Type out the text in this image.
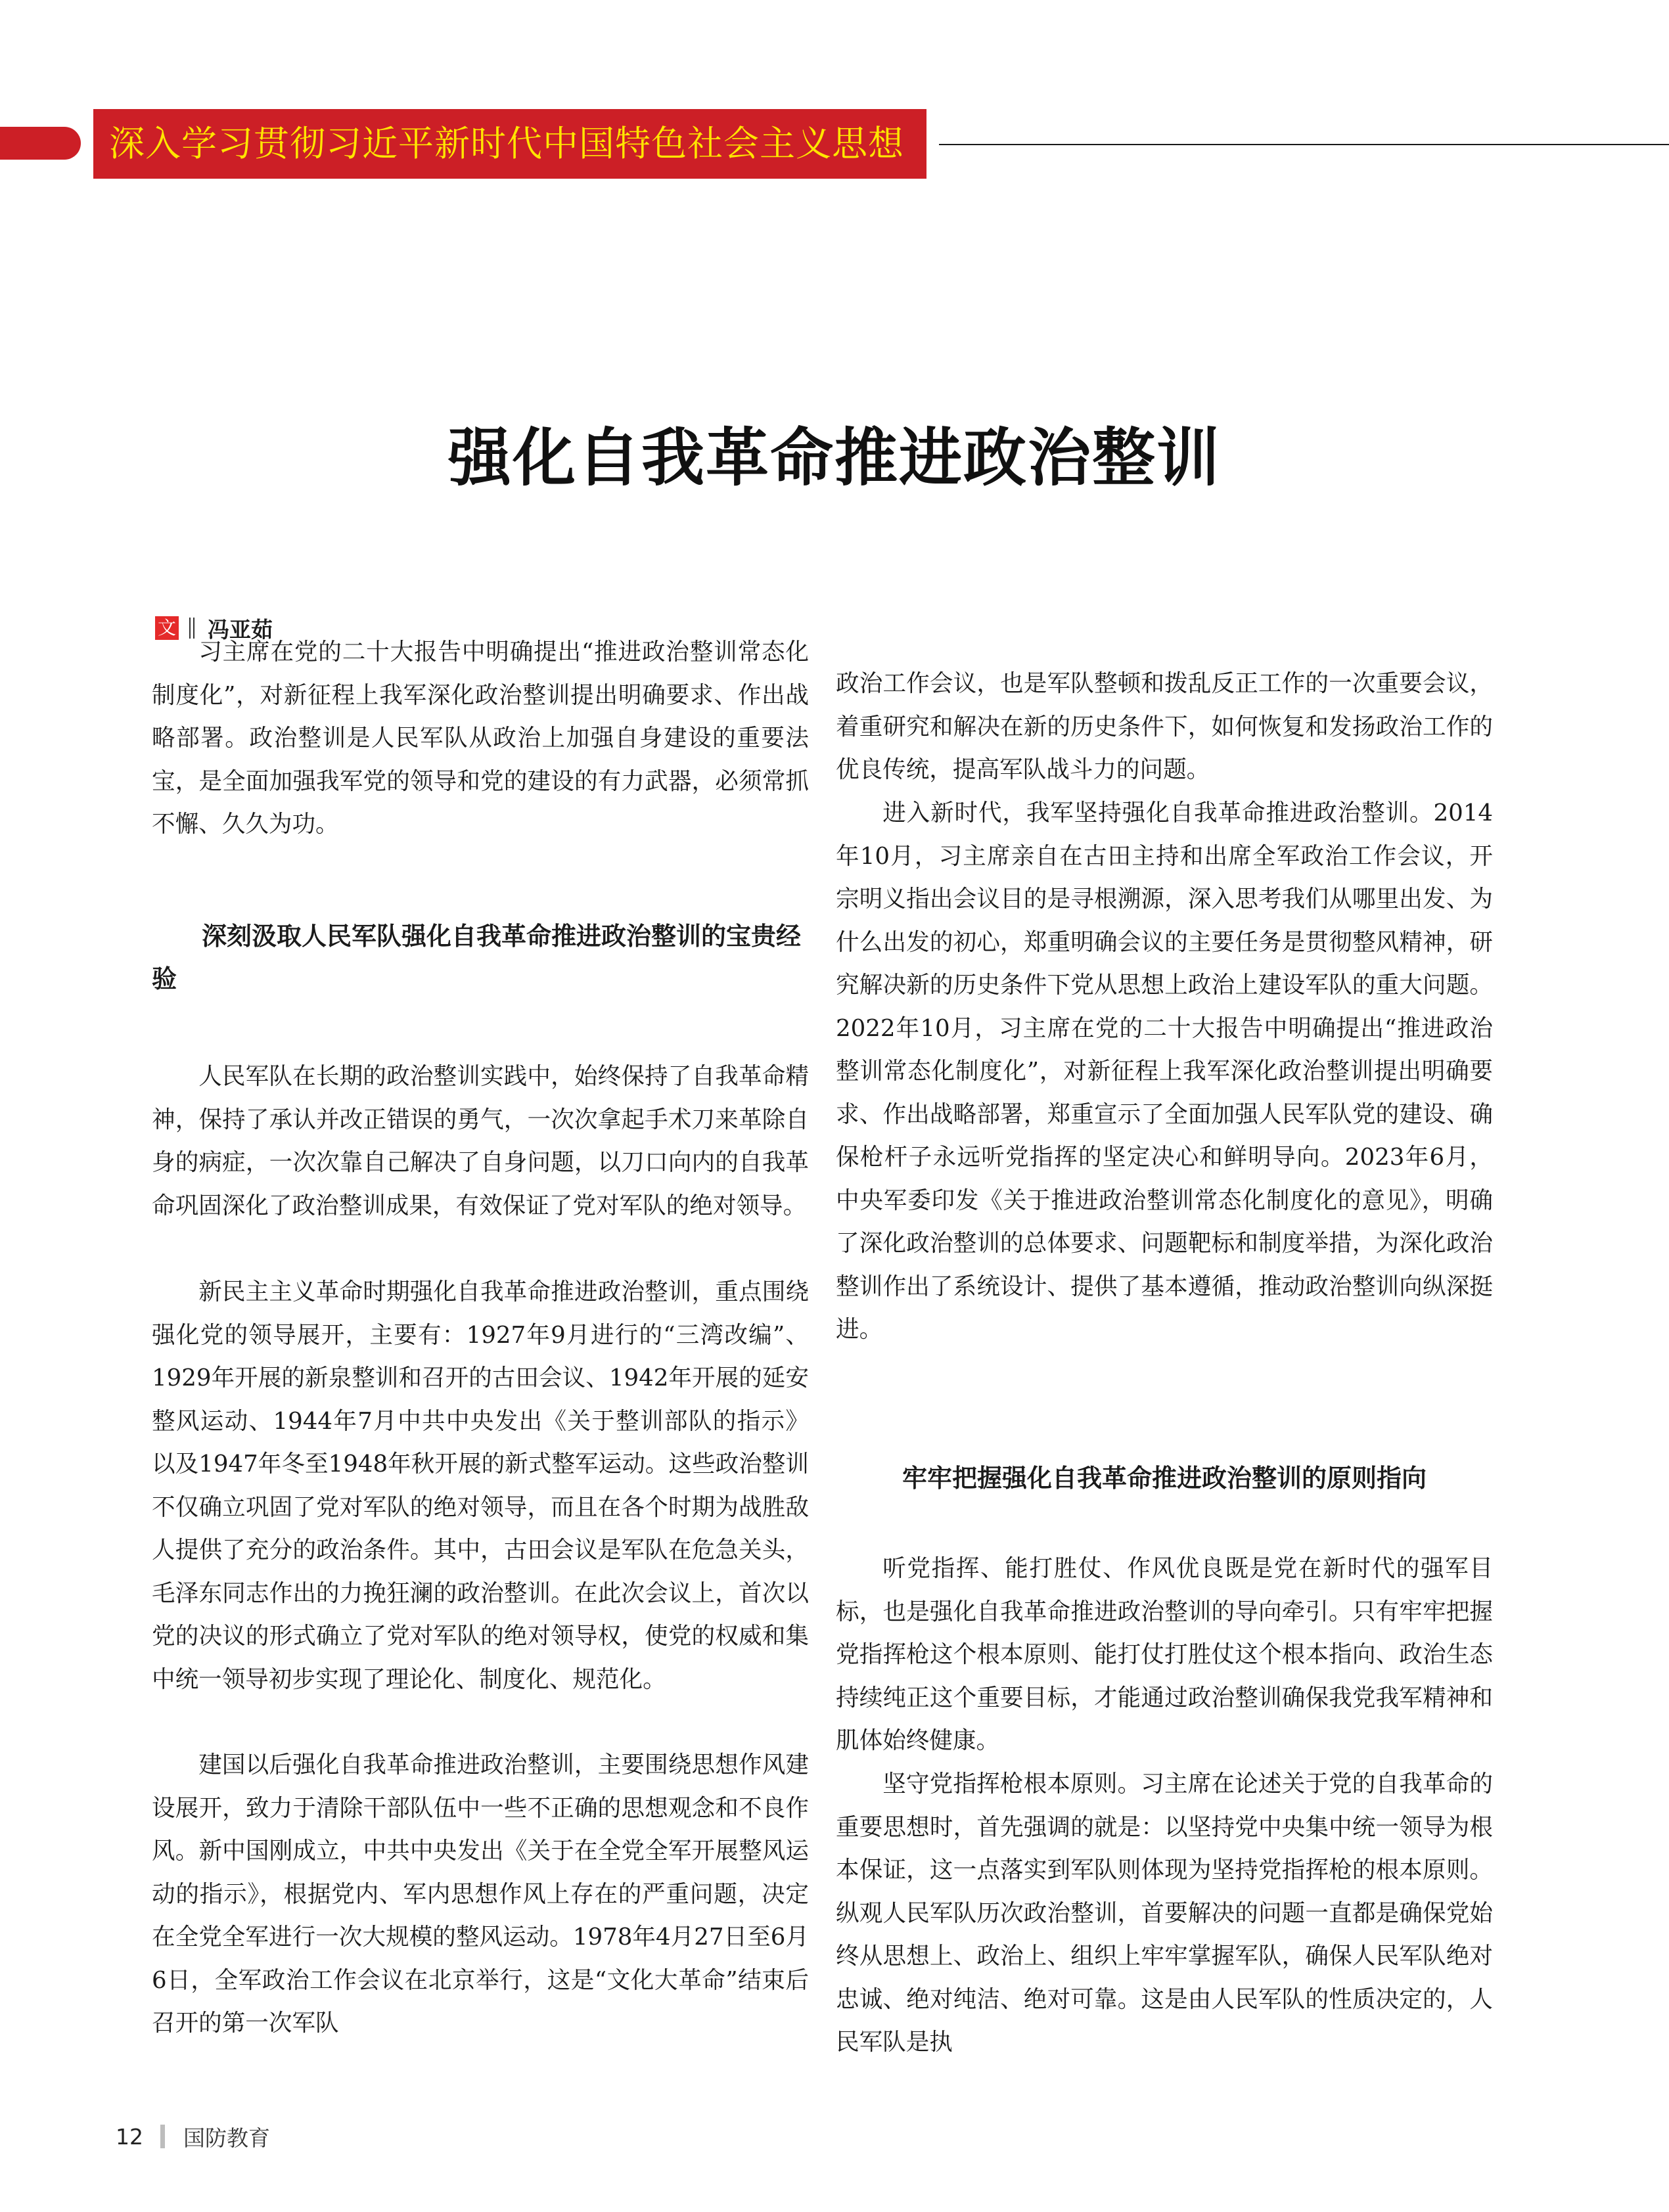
深入学习贯彻习近平新时代中国特色社会主义思想
强化自我革命推进政治整训
文 冯亚茹

习主席在党的二十大报告中明确提出“推进政治整训常态化制度化”，对新征程上我军深化政治整训提出明确要求、作出战略部署。政治整训是人民军队从政治上加强自身建设的重要法宝，是全面加强我军党的领导和党的建设的有力武器，必须常抓不懈、久久为功。

深刻汲取人民军队强化自我革命推进政治整训的宝贵经验

人民军队在长期的政治整训实践中，始终保持了自我革命精神，保持了承认并改正错误的勇气，一次次拿起手术刀来革除自身的病症，一次次靠自己解决了自身问题，以刀口向内的自我革命巩固深化了政治整训成果，有效保证了党对军队的绝对领导。

新民主主义革命时期强化自我革命推进政治整训，重点围绕强化党的领导展开，主要有：1927年9月进行的“三湾改编”、1929年开展的新泉整训和召开的古田会议、1942年开展的延安整风运动、1944年7月中共中央发出《关于整训部队的指示》以及1947年冬至1948年秋开展的新式整军运动。这些政治整训不仅确立巩固了党对军队的绝对领导，而且在各个时期为战胜敌人提供了充分的政治条件。其中，古田会议是军队在危急关头，毛泽东同志作出的力挽狂澜的政治整训。在此次会议上，首次以党的决议的形式确立了党对军队的绝对领导权，使党的权威和集中统一领导初步实现了理论化、制度化、规范化。

建国以后强化自我革命推进政治整训，主要围绕思想作风建设展开，致力于清除干部队伍中一些不正确的思想观念和不良作风。新中国刚成立，中共中央发出《关于在全党全军开展整风运动的指示》，根据党内、军内思想作风上存在的严重问题，决定在全党全军进行一次大规模的整风运动。1978年4月27日至6月6日，全军政治工作会议在北京举行，这是“文化大革命”结束后召开的第一次军队

政治工作会议，也是军队整顿和拨乱反正工作的一次重要会议，着重研究和解决在新的历史条件下，如何恢复和发扬政治工作的优良传统，提高军队战斗力的问题。

进入新时代，我军坚持强化自我革命推进政治整训。2014年10月，习主席亲自在古田主持和出席全军政治工作会议，开宗明义指出会议目的是寻根溯源，深入思考我们从哪里出发、为什么出发的初心，郑重明确会议的主要任务是贯彻整风精神，研究解决新的历史条件下党从思想上政治上建设军队的重大问题。2022年10月，习主席在党的二十大报告中明确提出“推进政治整训常态化制度化”，对新征程上我军深化政治整训提出明确要求、作出战略部署，郑重宣示了全面加强人民军队党的建设、确保枪杆子永远听党指挥的坚定决心和鲜明导向。2023年6月，中央军委印发《关于推进政治整训常态化制度化的意见》，明确了深化政治整训的总体要求、问题靶标和制度举措，为深化政治整训作出了系统设计、提供了基本遵循，推动政治整训向纵深挺进。

牢牢把握强化自我革命推进政治整训的原则指向

听党指挥、能打胜仗、作风优良既是党在新时代的强军目标，也是强化自我革命推进政治整训的导向牵引。只有牢牢把握党指挥枪这个根本原则、能打仗打胜仗这个根本指向、政治生态持续纯正这个重要目标，才能通过政治整训确保我党我军精神和肌体始终健康。

坚守党指挥枪根本原则。习主席在论述关于党的自我革命的重要思想时，首先强调的就是：以坚持党中央集中统一领导为根本保证，这一点落实到军队则体现为坚持党指挥枪的根本原则。纵观人民军队历次政治整训，首要解决的问题一直都是确保党始终从思想上、政治上、组织上牢牢掌握军队，确保人民军队绝对忠诚、绝对纯洁、绝对可靠。这是由人民军队的性质决定的，人民军队是执

12 国防教育
